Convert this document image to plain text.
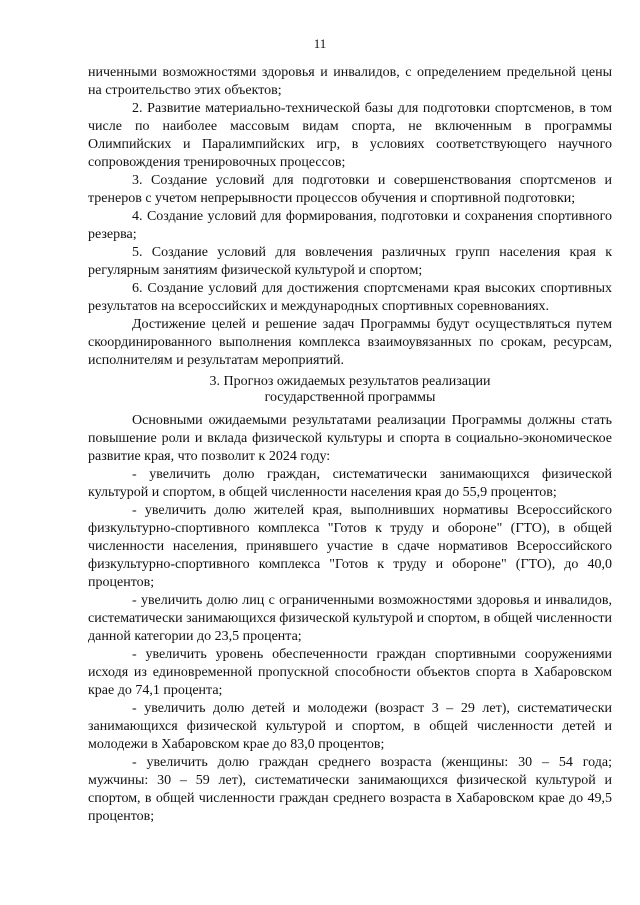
11

ниченными возможностями здоровья и инвалидов, с определением предельной цены на строительство этих объектов;

2. Развитие материально-технической базы для подготовки спортсменов, в том числе по наиболее массовым видам спорта, не включенным в программы Олимпийских и Паралимпийских игр, в условиях соответствующего научного сопровождения тренировочных процессов;

3. Создание условий для подготовки и совершенствования спортсменов и тренеров с учетом непрерывности процессов обучения и спортивной подготовки;

4. Создание условий для формирования, подготовки и сохранения спортивного резерва;

5. Создание условий для вовлечения различных групп населения края к регулярным занятиям физической культурой и спортом;

6. Создание условий для достижения спортсменами края высоких спортивных результатов на всероссийских и международных спортивных соревнованиях.

Достижение целей и решение задач Программы будут осуществляться путем скоординированного выполнения комплекса взаимоувязанных по срокам, ресурсам, исполнителям и результатам мероприятий.

3. Прогноз ожидаемых результатов реализации
государственной программы

Основными ожидаемыми результатами реализации Программы должны стать повышение роли и вклада физической культуры и спорта в социально-экономическое развитие края, что позволит к 2024 году:

- увеличить долю граждан, систематически занимающихся физической культурой и спортом, в общей численности населения края до 55,9 процентов;

- увеличить долю жителей края, выполнивших нормативы Всероссийского физкультурно-спортивного комплекса "Готов к труду и обороне" (ГТО), в общей численности населения, принявшего участие в сдаче нормативов Всероссийского физкультурно-спортивного комплекса "Готов к труду и обороне" (ГТО), до 40,0 процентов;

- увеличить долю лиц с ограниченными возможностями здоровья и инвалидов, систематически занимающихся физической культурой и спортом, в общей численности данной категории до 23,5 процента;

- увеличить уровень обеспеченности граждан спортивными сооружениями исходя из единовременной пропускной способности объектов спорта в Хабаровском крае до 74,1 процента;

- увеличить долю детей и молодежи (возраст 3 – 29 лет), систематически занимающихся физической культурой и спортом, в общей численности детей и молодежи в Хабаровском крае до 83,0 процентов;

- увеличить долю граждан среднего возраста (женщины: 30 – 54 года; мужчины: 30 – 59 лет), систематически занимающихся физической культурой и спортом, в общей численности граждан среднего возраста в Хабаровском крае до 49,5 процентов;
